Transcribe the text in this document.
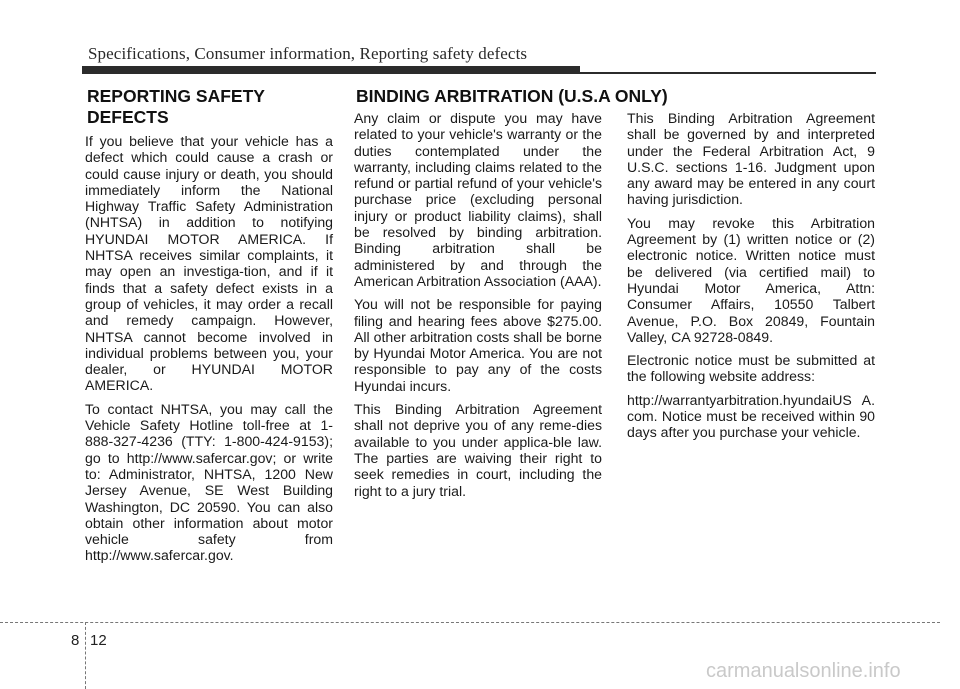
Specifications, Consumer information, Reporting safety defects
REPORTING SAFETY DEFECTS
BINDING ARBITRATION (U.S.A ONLY)

If you believe that your vehicle has a defect which could cause a crash or could cause injury or death, you should immediately inform the National Highway Traffic Safety Administration (NHTSA) in addition to notifying HYUNDAI MOTOR AMERICA. If NHTSA receives similar complaints, it may open an investiga-tion, and if it finds that a safety defect exists in a group of vehicles, it may order a recall and remedy campaign. However, NHTSA cannot become involved in individual problems between you, your dealer, or HYUNDAI MOTOR AMERICA.

To contact NHTSA, you may call the Vehicle Safety Hotline toll-free at 1-888-327-4236 (TTY: 1-800-424-9153); go to http://www.safercar.gov; or write to: Administrator, NHTSA, 1200 New Jersey Avenue, SE West Building Washington, DC 20590. You can also obtain other information about motor vehicle safety from http://www.safercar.gov.

Any claim or dispute you may have related to your vehicle's warranty or the duties contemplated under the warranty, including claims related to the refund or partial refund of your vehicle's purchase price (excluding personal injury or product liability claims), shall be resolved by binding arbitration. Binding arbitration shall be administered by and through the American Arbitration Association (AAA).

You will not be responsible for paying filing and hearing fees above $275.00. All other arbitration costs shall be borne by Hyundai Motor America. You are not responsible to pay any of the costs Hyundai incurs.

This Binding Arbitration Agreement shall not deprive you of any reme-dies available to you under applica-ble law. The parties are waiving their right to seek remedies in court, including the right to a jury trial.

This Binding Arbitration Agreement shall be governed by and interpreted under the Federal Arbitration Act, 9 U.S.C. sections 1-16. Judgment upon any award may be entered in any court having jurisdiction.

You may revoke this Arbitration Agreement by (1) written notice or (2) electronic notice. Written notice must be delivered (via certified mail) to Hyundai Motor America, Attn: Consumer Affairs, 10550 Talbert Avenue, P.O. Box 20849, Fountain Valley, CA 92728-0849.

Electronic notice must be submitted at the following website address:

http://warrantyarbitration.hyundaiUS A. com. Notice must be received within 90 days after you purchase your vehicle.

8 12
carmanualsonline.info
